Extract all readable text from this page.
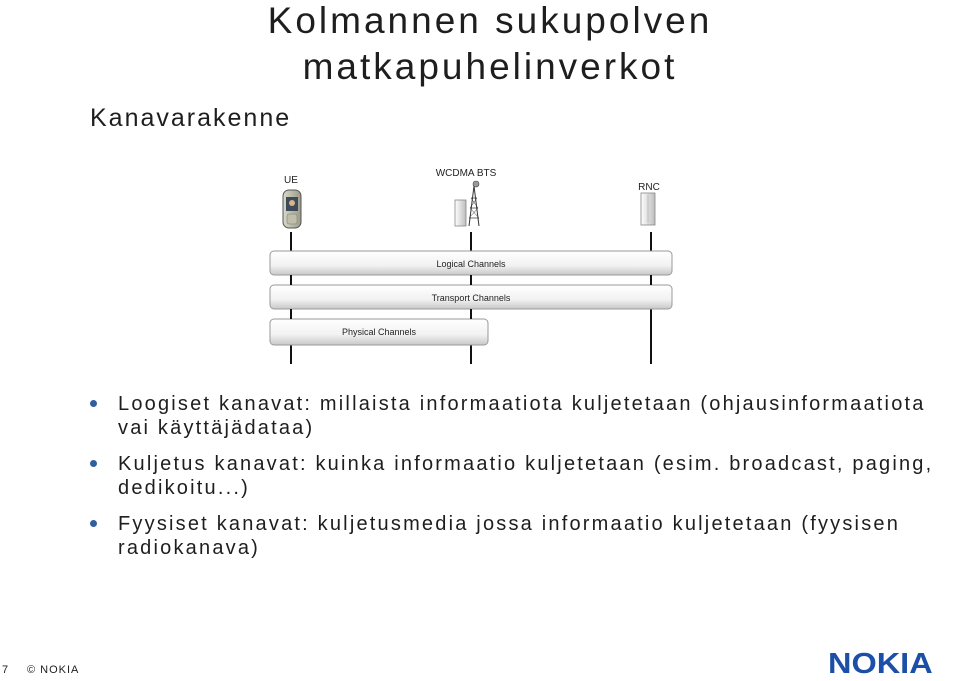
Kolmannen sukupolven
matkapuhelinverkot
Kanavarakenne
UE
WCDMA BTS
RNC
Logical Channels
Transport Channels
Physical Channels
Loogiset kanavat: millaista informaatiota kuljetetaan (ohjausinformaatiota vai käyttäjädataa)
Kuljetus kanavat: kuinka informaatio kuljetetaan (esim. broadcast, paging, dedikoitu...)
Fyysiset kanavat: kuljetusmedia jossa informaatio kuljetetaan (fyysisen radiokanava)
7 © NOKIA	NOKIA
